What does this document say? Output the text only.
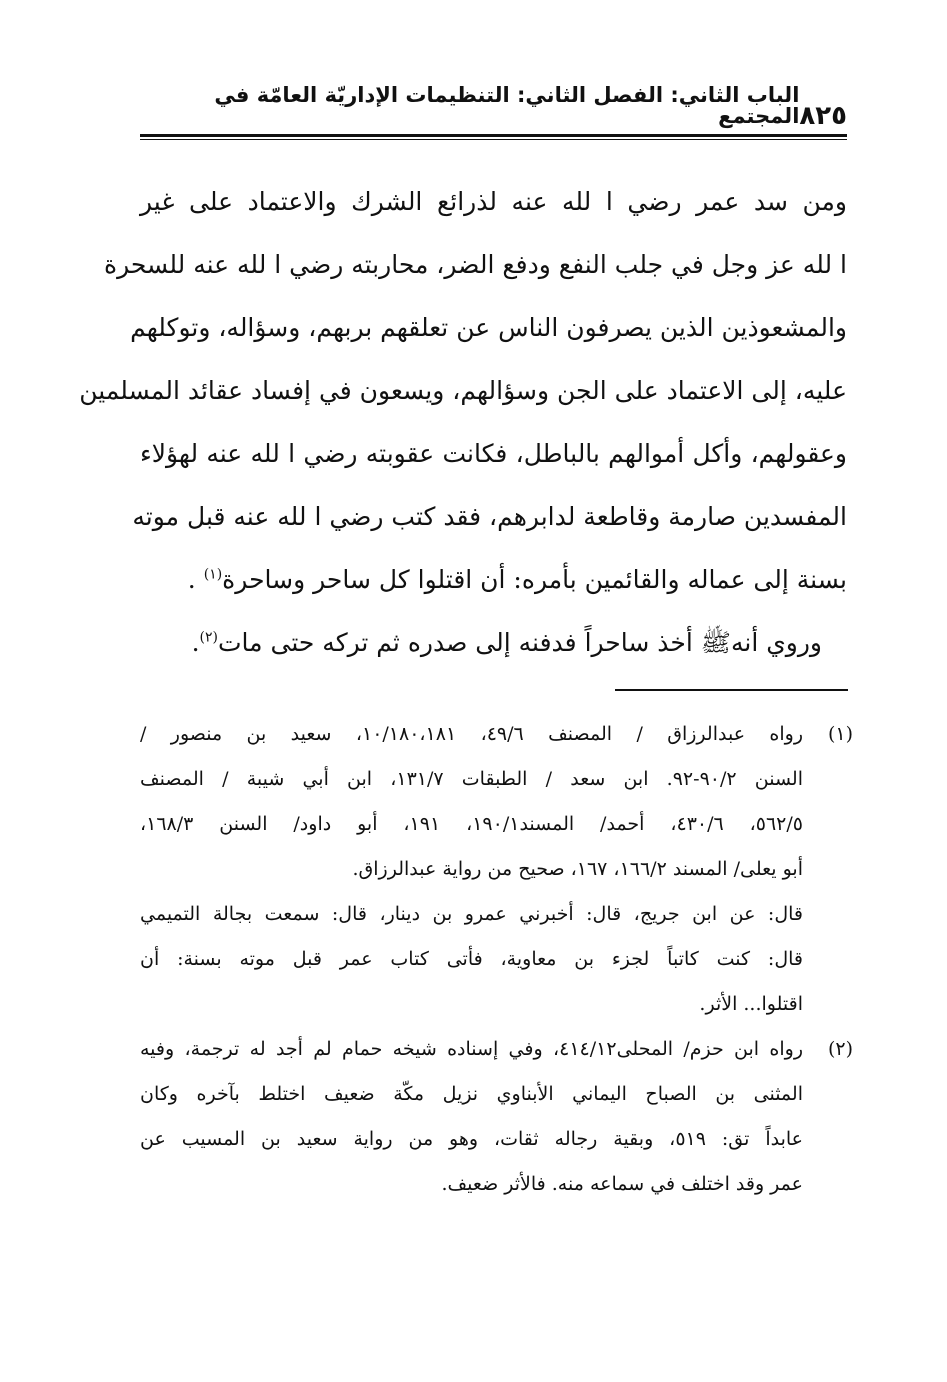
٨٢٥
الباب الثاني: الفصل الثاني: التنظيمات الإداريّة العامّة في المجتمع
ومن سد عمر رضي ا لله عنه لذرائع الشرك والاعتماد على غير
ا لله عز وجل في جلب النفع ودفع الضر، محاربته رضي ا لله عنه للسحرة
والمشعوذين الذين يصرفون الناس عن تعلقهم بربهم، وسؤاله، وتوكلهم
عليه، إلى الاعتماد على الجن وسؤالهم، ويسعون في إفساد عقائد المسلمين
وعقولهم، وأكل أموالهم بالباطل، فكانت عقوبته رضي ا لله عنه لهؤلاء
المفسدين صارمة وقاطعة لدابرهم، فقد كتب رضي ا لله عنه قبل موته
بسنة إلى عماله والقائمين بأمره: أن اقتلوا كل ساحر وساحرة$^{(١)}$ .
 وروي أنهﷺ أخذ ساحراً فدفنه إلى صدره ثم تركه حتى مات$^{(٢)}$.
(١)
رواه عبدالرزاق / المصنف ٤٩/٦، ١٠/١٨٠،١٨١، سعيد بن منصور /
السنن ٩٠/٢-٩٢. ابن سعد / الطبقات ١٣١/٧، ابن أبي شيبة / المصنف
٥٦٢/٥، ٤٣٠/٦، أحمد/ المسند١٩٠/١، ١٩١، أبو داود/ السنن ١٦٨/٣،
أبو يعلى/ المسند ١٦٦/٢، ١٦٧، صحيح من رواية عبدالرزاق.
قال: عن ابن جريج، قال: أخبرني عمرو بن دينار، قال: سمعت بجالة التميمي
قال: كنت كاتباً لجزء بن معاوية، فأتى كتاب عمر قبل موته بسنة: أن
اقتلوا... الأثر.
(٢)
رواه ابن حزم/ المحلى٤١٤/١٢، وفي إسناده شيخه حمام لم أجد له ترجمة، وفيه
المثنى بن الصباح اليماني الأبناوي نزيل مكّة ضعيف اختلط بآخره وكان
عابداً تق: ٥١٩، وبقية رجاله ثقات، وهو من رواية سعيد بن المسيب عن
عمر وقد اختلف في سماعه منه. فالأثر ضعيف.
